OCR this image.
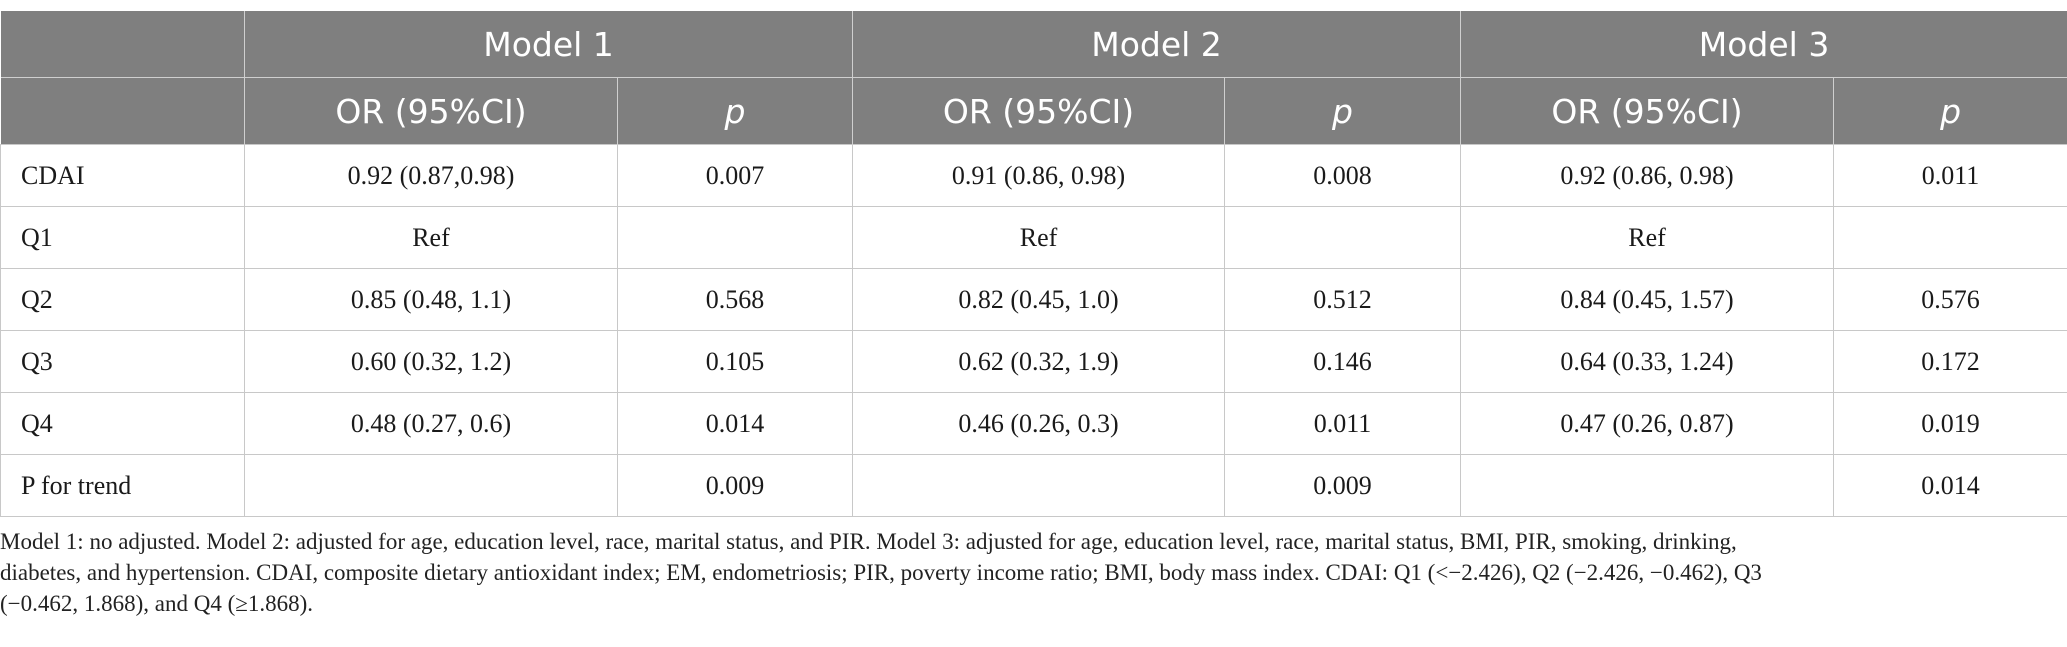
	Model 1		Model 2		Model 3	
	OR (95%CI)	p	OR (95%CI)	p	OR (95%CI)	p
CDAI	0.92 (0.87,0.98)	0.007	0.91 (0.86, 0.98)	0.008	0.92 (0.86, 0.98)	0.011
Q1	Ref		Ref		Ref	
Q2	0.85 (0.48, 1.1)	0.568	0.82 (0.45, 1.0)	0.512	0.84 (0.45, 1.57)	0.576
Q3	0.60 (0.32, 1.2)	0.105	0.62 (0.32, 1.9)	0.146	0.64 (0.33, 1.24)	0.172
Q4	0.48 (0.27, 0.6)	0.014	0.46 (0.26, 0.3)	0.011	0.47 (0.26, 0.87)	0.019
P for trend		0.009		0.009		0.014
Model 1: no adjusted. Model 2: adjusted for age, education level, race, marital status, and PIR. Model 3: adjusted for age, education level, race, marital status, BMI, PIR, smoking, drinking,
diabetes, and hypertension. CDAI, composite dietary antioxidant index; EM, endometriosis; PIR, poverty income ratio; BMI, body mass index. CDAI: Q1 (<−2.426), Q2 (−2.426, −0.462), Q3
(−0.462, 1.868), and Q4 (≥1.868).
